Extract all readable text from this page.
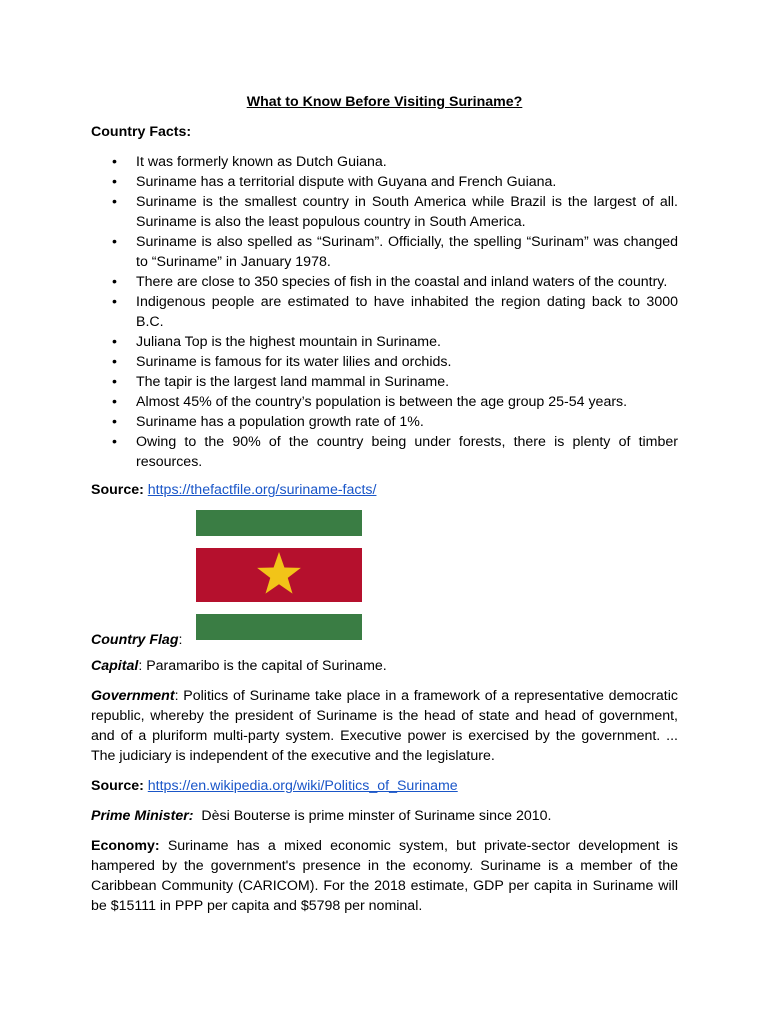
What to Know Before Visiting Suriname?
Country Facts:
• It was formerly known as Dutch Guiana.
• Suriname has a territorial dispute with Guyana and French Guiana.
• Suriname is the smallest country in South America while Brazil is the largest of all. Suriname is also the least populous country in South America.
• Suriname is also spelled as “Surinam”. Officially, the spelling “Surinam” was changed to “Suriname” in January 1978.
• There are close to 350 species of fish in the coastal and inland waters of the country.
• Indigenous people are estimated to have inhabited the region dating back to 3000 B.C.
• Juliana Top is the highest mountain in Suriname.
• Suriname is famous for its water lilies and orchids.
• The tapir is the largest land mammal in Suriname.
• Almost 45% of the country’s population is between the age group 25-54 years.
• Suriname has a population growth rate of 1%.
• Owing to the 90% of the country being under forests, there is plenty of timber resources.

Source: https://thefactfile.org/suriname-facts/

Country Flag:

Capital: Paramaribo is the capital of Suriname.

Government: Politics of Suriname take place in a framework of a representative democratic republic, whereby the president of Suriname is the head of state and head of government, and of a pluriform multi-party system. Executive power is exercised by the government. ... The judiciary is independent of the executive and the legislature.

Source: https://en.wikipedia.org/wiki/Politics_of_Suriname

Prime Minister:  Dèsi Bouterse is prime minster of Suriname since 2010.

Economy: Suriname has a mixed economic system, but private-sector development is hampered by the government's presence in the economy. Suriname is a member of the Caribbean Community (CARICOM). For the 2018 estimate, GDP per capita in Suriname will be $15111 in PPP per capita and $5798 per nominal.
